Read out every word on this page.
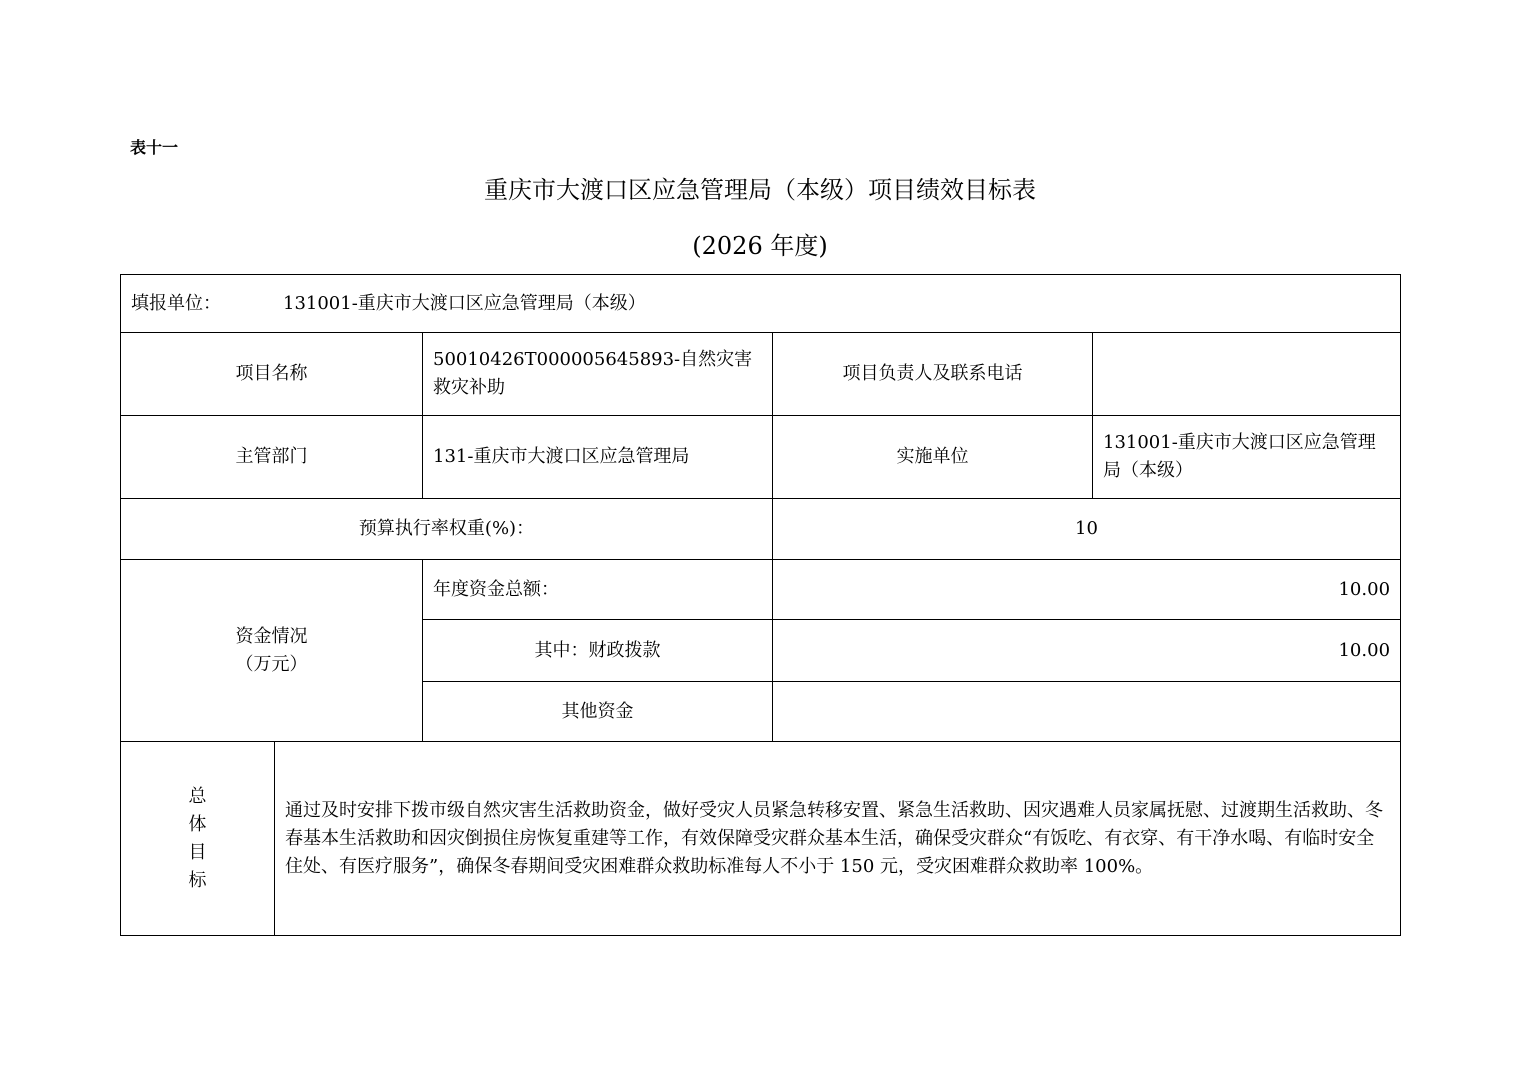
表十一
重庆市大渡口区应急管理局（本级）项目绩效目标表
(2026 年度)
填报单位： 131001-重庆市大渡口区应急管理局（本级）				
项目名称		50010426T000005645893-自然灾害救灾补助	项目负责人及联系电话	
主管部门		131-重庆市大渡口区应急管理局	实施单位	131001-重庆市大渡口区应急管理局（本级）
预算执行率权重(%)：			10	

资金情况
（万元）		年度资金总额：	10.00	
		其中：财政拨款	10.00	
		其他资金		

总
体
目
标	通过及时安排下拨市级自然灾害生活救助资金，做好受灾人员紧急转移安置、紧急生活救助、因灾遇难人员家属抚慰、过渡期生活救助、冬春基本生活救助和因灾倒损住房恢复重建等工作，有效保障受灾群众基本生活，确保受灾群众“有饭吃、有衣穿、有干净水喝、有临时安全住处、有医疗服务”，确保冬春期间受灾困难群众救助标准每人不小于 150 元，受灾困难群众救助率 100%。			
